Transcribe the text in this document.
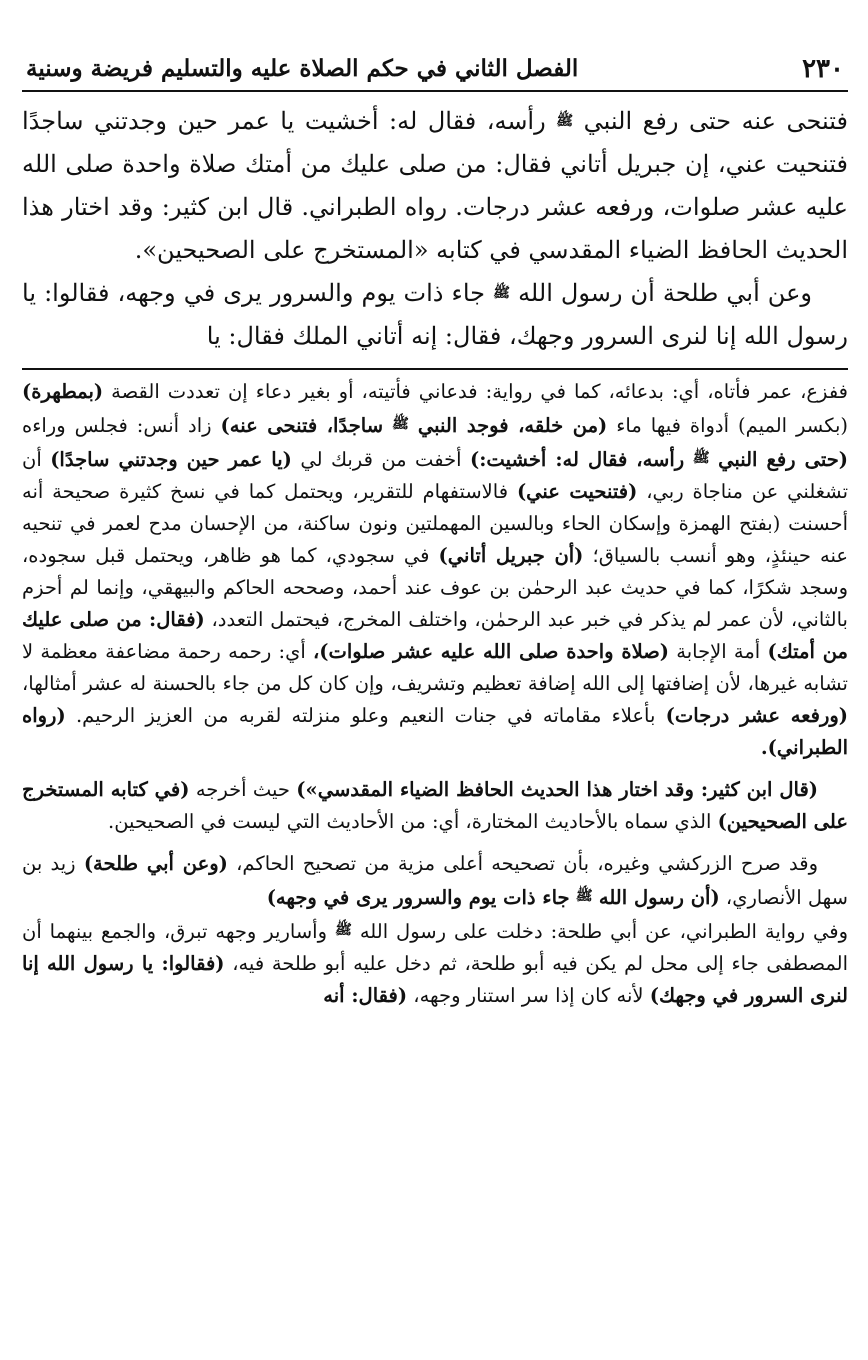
٢٣٠
الفصل الثاني في حكم الصلاة عليه والتسليم فريضة وسنية

فتنحى عنه حتى رفع النبي ﷺ رأسه، فقال له: أخشيت يا عمر حين وجدتني ساجدًا فتنحيت عني، إن جبريل أتاني فقال: من صلى عليك من أمتك صلاة واحدة صلى الله عليه عشر صلوات، ورفعه عشر درجات. رواه الطبراني. قال ابن كثير: وقد اختار هذا الحديث الحافظ الضياء المقدسي في كتابه «المستخرج على الصحيحين».

وعن أبي طلحة أن رسول الله ﷺ جاء ذات يوم والسرور يرى في وجهه، فقالوا: يا رسول الله إنا لنرى السرور وجهك، فقال: إنه أتاني الملك فقال: يا

ففزع، عمر فأتاه، أي: بدعائه، كما في رواية: فدعاني فأتيته، أو بغير دعاء إن تعددت القصة (بمطهرة) (بكسر الميم) أدواة فيها ماء (من خلقه، فوجد النبي $^ﷺ$ ساجدًا، فتنحى عنه) زاد أنس: فجلس وراءه (حتى رفع النبي $^ﷺ$ رأسه، فقال له: أخشيت:) أخفت من قربك لي (يا عمر حين وجدتني ساجدًا) أن تشغلني عن مناجاة ربي، (فتنحيت عني) فالاستفهام للتقرير، ويحتمل كما في نسخ كثيرة صحيحة أنه أحسنت (بفتح الهمزة وإسكان الحاء وبالسين المهملتين ونون ساكنة، من الإحسان مدح لعمر في تنحيه عنه حينئذٍ، وهو أنسب بالسياق؛ (أن جبريل أتاني) في سجودي، كما هو ظاهر، ويحتمل قبل سجوده، وسجد شكرًا، كما في حديث عبد الرحمٰن بن عوف عند أحمد، وصححه الحاكم والبيهقي، وإنما لم أحزم بالثاني، لأن عمر لم يذكر في خبر عبد الرحمٰن، واختلف المخرج، فيحتمل التعدد، (فقال: من صلى عليك من أمتك) أمة الإجابة (صلاة واحدة صلى الله عليه عشر صلوات)، أي: رحمه رحمة مضاعفة معظمة لا تشابه غيرها، لأن إضافتها إلى الله إضافة تعظيم وتشريف، وإن كان كل من جاء بالحسنة له عشر أمثالها، (ورفعه عشر درجات) بأعلاء مقاماته في جنات النعيم وعلو منزلته لقربه من العزيز الرحيم. (رواه الطبراني).

(قال ابن كثير: وقد اختار هذا الحديث الحافظ الضياء المقدسي») حيث أخرجه (في كتابه المستخرج على الصحيحين) الذي سماه بالأحاديث المختارة، أي: من الأحاديث التي ليست في الصحيحين.

وقد صرح الزركشي وغيره، بأن تصحيحه أعلى مزية من تصحيح الحاكم، (وعن أبي طلحة) زيد بن سهل الأنصاري، (أن رسول الله $^ﷺ$ جاء ذات يوم والسرور يرى في وجهه)
وفي رواية الطبراني، عن أبي طلحة: دخلت على رسول الله $^ﷺ$ وأسارير وجهه تبرق، والجمع بينهما أن المصطفى جاء إلى محل لم يكن فيه أبو طلحة، ثم دخل عليه أبو طلحة فيه، (فقالوا: يا رسول الله إنا لنرى السرور في وجهك) لأنه كان إذا سر استنار وجهه، (فقال: أنه
